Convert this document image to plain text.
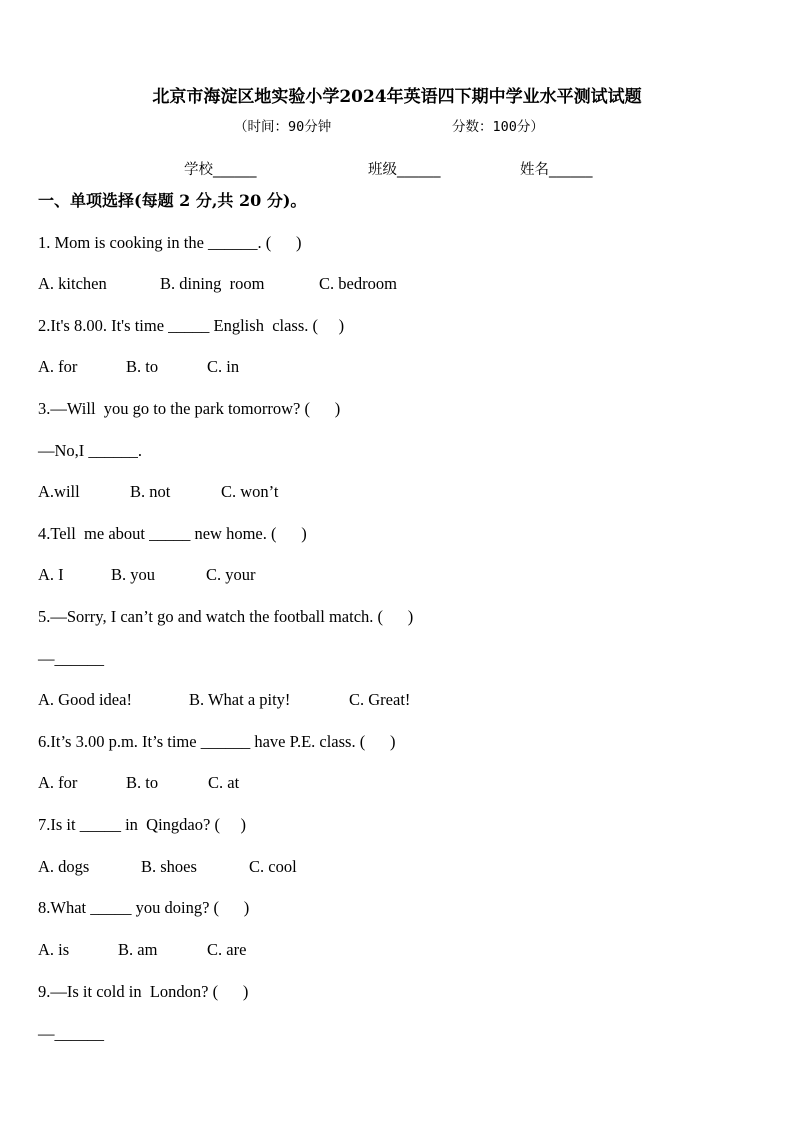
北京市海淀区地实验小学2024年英语四下期中学业水平测试试题
（时间：90分钟	分数：100分）
学校______	班级______	姓名______
一、单项选择(每题 2 分,共 20 分)。
1. Mom is cooking in the ______. (      )
A. kitchen	B. dining  room	C. bedroom
2.It's 8.00. It's time _____ English  class. (     )
A. for	B. to	C. in
3.—Will  you go to the park tomorrow? (      )
—No,I ______.
A.will	B. not	C. won’t
4.Tell  me about _____ new home. (      )
A. I	B. you	C. your
5.—Sorry, I can’t go and watch the football match. (      )
—______
A. Good idea!	B. What a pity!	C. Great!
6.It’s 3.00 p.m. It’s time ______ have P.E. class. (      )
A. for	B. to	C. at
7.Is it _____ in  Qingdao? (     )
A. dogs	B. shoes	C. cool
8.What _____ you doing? (      )
A. is	B. am	C. are
9.—Is it cold in  London? (      )
—______
